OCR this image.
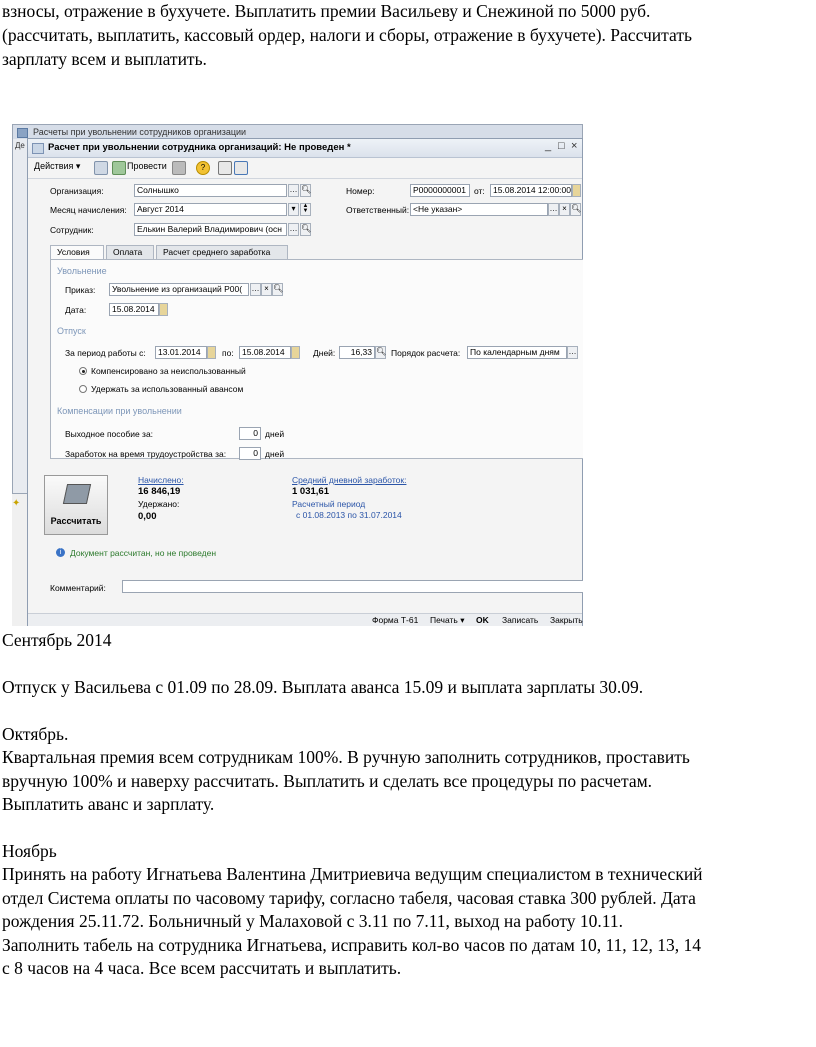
взносы, отражение в бухучете. Выплатить премии Васильеву и Снежиной по 5000 руб.
(рассчитать, выплатить, кассовый ордер, налоги и сборы, отражение в бухучете). Рассчитать
зарплату всем и выплатить.
Расчеты при увольнении сотрудников организации
Де
✦
Расчет при увольнении сотрудника организаций: Не проведен *	_ □ ×
Действия ▾	Провести	?
Организация:	Солнышко	… 🔍︎
Месяц начисления:	Август 2014	▾	▲
▼
Сотрудник:	Елькин Валерий Владимирович (осн … 🔍︎
Номер:	Р0000000001 от: 15.08.2014 12:00:00
Ответственный: <Не указан>	… × 🔍︎
Условия	Оплата	Расчет среднего заработка
Увольнение
Приказ:	Увольнение из организаций Р00(	… × 🔍︎
Дата:	15.08.2014
Отпуск
За период работы с:	13.01.2014	по: 15.08.2014	Дней:	16,33 🔍︎ Порядок расчета:	По календарным дням	…
Компенсировано за неиспользованный
Удержать за использованный авансом
Компенсации при увольнении
Выходное пособие за:	0 дней
Заработок на время трудоустройства за:	0 дней
Рассчитать
Начислено:
16 846,19
Удержано:
0,00
Средний дневной заработок:
1 031,61
Расчетный период
с 01.08.2013 по 31.07.2014
i	Документ рассчитан, но не проведен
Комментарий:
Форма Т-61 Печать ▾ OK Записать Закрыть
Сентябрь 2014
Отпуск у Васильева с 01.09 по 28.09. Выплата аванса 15.09 и выплата зарплаты 30.09.
Октябрь.
Квартальная премия всем сотрудникам 100%. В ручную заполнить сотрудников, проставить
вручную 100% и наверху рассчитать. Выплатить и сделать все процедуры по расчетам.
Выплатить аванс и зарплату.
Ноябрь
Принять на работу Игнатьева Валентина Дмитриевича ведущим специалистом в технический
отдел Система оплаты по часовому тарифу, согласно табеля, часовая ставка 300 рублей. Дата
рождения 25.11.72. Больничный у Малаховой с 3.11 по 7.11, выход на работу 10.11.
Заполнить табель на сотрудника Игнатьева, исправить кол-во часов по датам 10, 11, 12, 13, 14
с 8 часов на 4 часа. Все всем рассчитать и выплатить.
